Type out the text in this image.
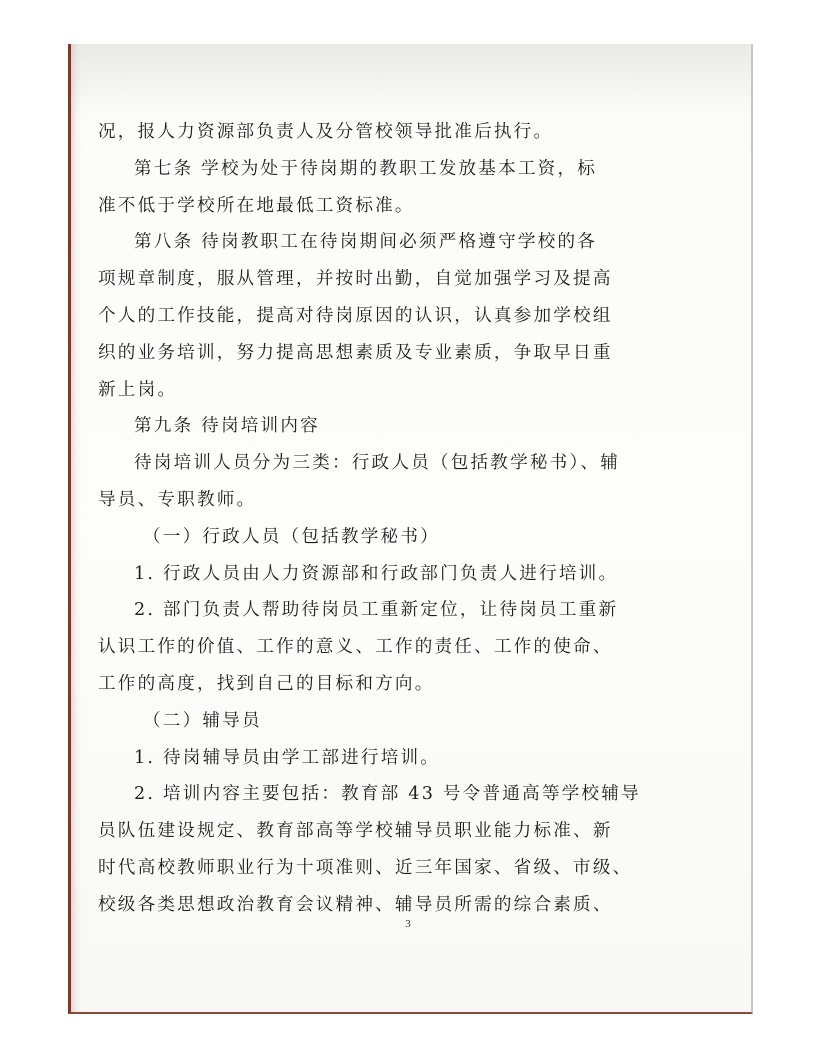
况，报人力资源部负责人及分管校领导批准后执行。
第七条 学校为处于待岗期的教职工发放基本工资，标
准不低于学校所在地最低工资标准。
第八条 待岗教职工在待岗期间必须严格遵守学校的各
项规章制度，服从管理，并按时出勤，自觉加强学习及提高
个人的工作技能，提高对待岗原因的认识，认真参加学校组
织的业务培训，努力提高思想素质及专业素质，争取早日重
新上岗。
第九条 待岗培训内容
待岗培训人员分为三类：行政人员（包括教学秘书）、辅
导员、专职教师。
（一）行政人员（包括教学秘书）
1. 行政人员由人力资源部和行政部门负责人进行培训。
2. 部门负责人帮助待岗员工重新定位，让待岗员工重新
认识工作的价值、工作的意义、工作的责任、工作的使命、
工作的高度，找到自己的目标和方向。
（二）辅导员
1. 待岗辅导员由学工部进行培训。
2. 培训内容主要包括：教育部 43 号令普通高等学校辅导
员队伍建设规定、教育部高等学校辅导员职业能力标准、新
时代高校教师职业行为十项准则、近三年国家、省级、市级、
校级各类思想政治教育会议精神、辅导员所需的综合素质、
3
